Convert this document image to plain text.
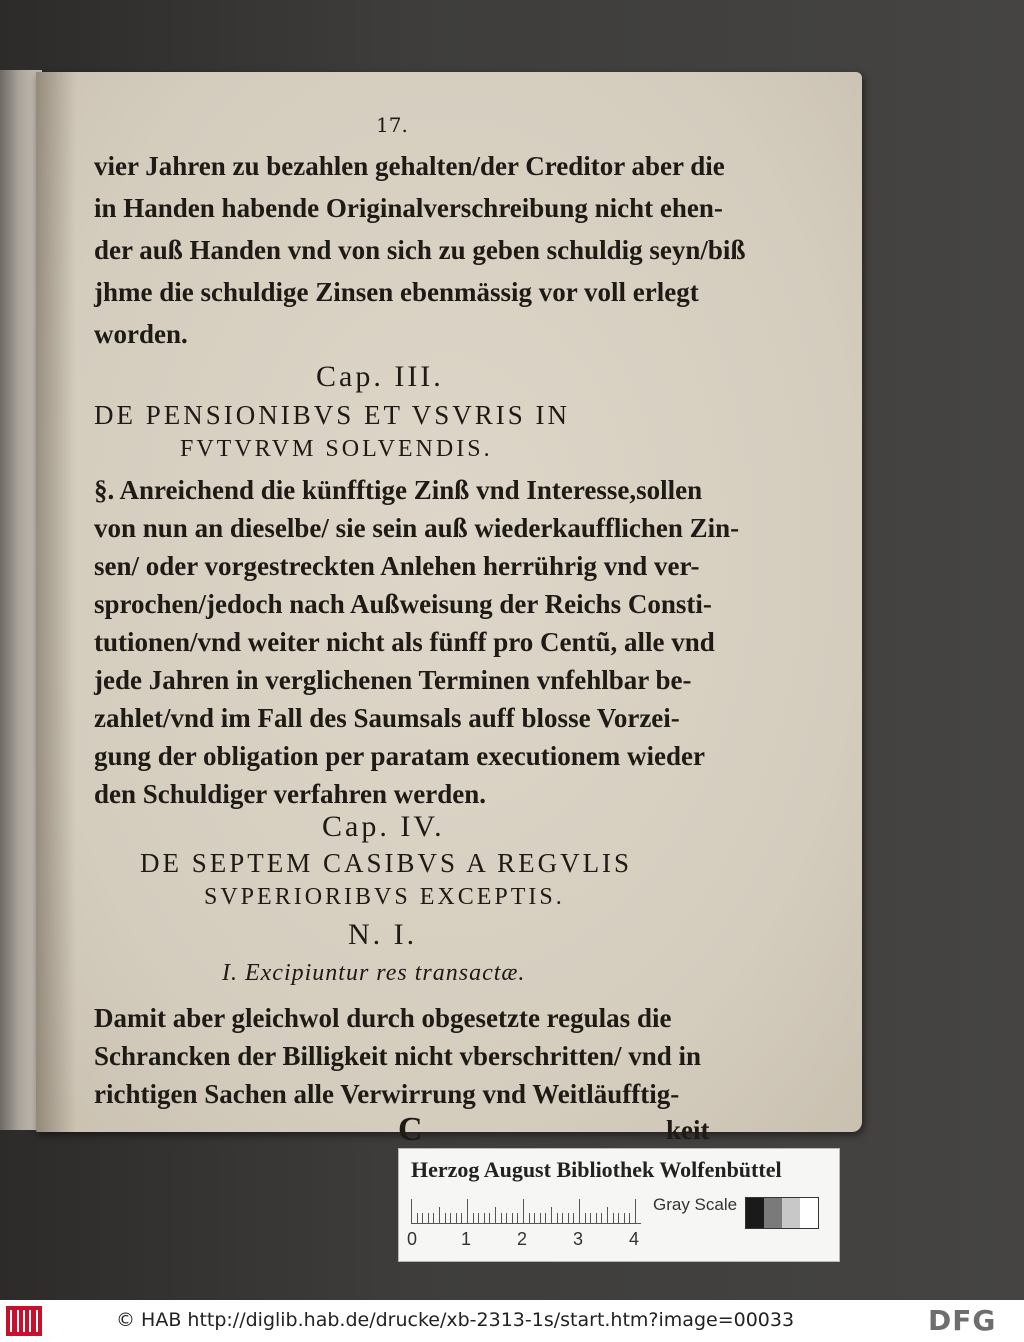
17.
vier Jahren zu bezahlen gehalten/der Creditor aber die
in Handen habende Originalverschreibung nicht ehen-
der auß Handen vnd von sich zu geben schuldig seyn/biß
jhme die schuldige Zinsen ebenmässig vor voll erlegt
worden.
Cap. III.
DE PENSIONIBVS ET VSVRIS IN
FVTVRVM SOLVENDIS.
§. Anreichend die künfftige Zinß vnd Interesse,sollen
von nun an dieselbe/ sie sein auß wiederkaufflichen Zin-
sen/ oder vorgestreckten Anlehen herrührig vnd ver-
sprochen/jedoch nach Außweisung der Reichs Consti-
tutionen/vnd weiter nicht als fünff pro Centũ, alle vnd
jede Jahren in verglichenen Terminen vnfehlbar be-
zahlet/vnd im Fall des Saumsals auff blosse Vorzei-
gung der obligation per paratam executionem wieder
den Schuldiger verfahren werden.
Cap. IV.
DE SEPTEM CASIBVS A REGVLIS
SVPERIORIBVS EXCEPTIS.
N. I.
I. Excipiuntur res transactæ.
Damit aber gleichwol durch obgesetzte regulas die
Schrancken der Billigkeit nicht vberschritten/ vnd in
richtigen Sachen alle Verwirrung vnd Weitläufftig-
C	keit
Herzog August Bibliothek Wolfenbüttel
0 1	2	3	4
Gray Scale
© HAB http://diglib.hab.de/drucke/xb-2313-1s/start.htm?image=00033	DFG
